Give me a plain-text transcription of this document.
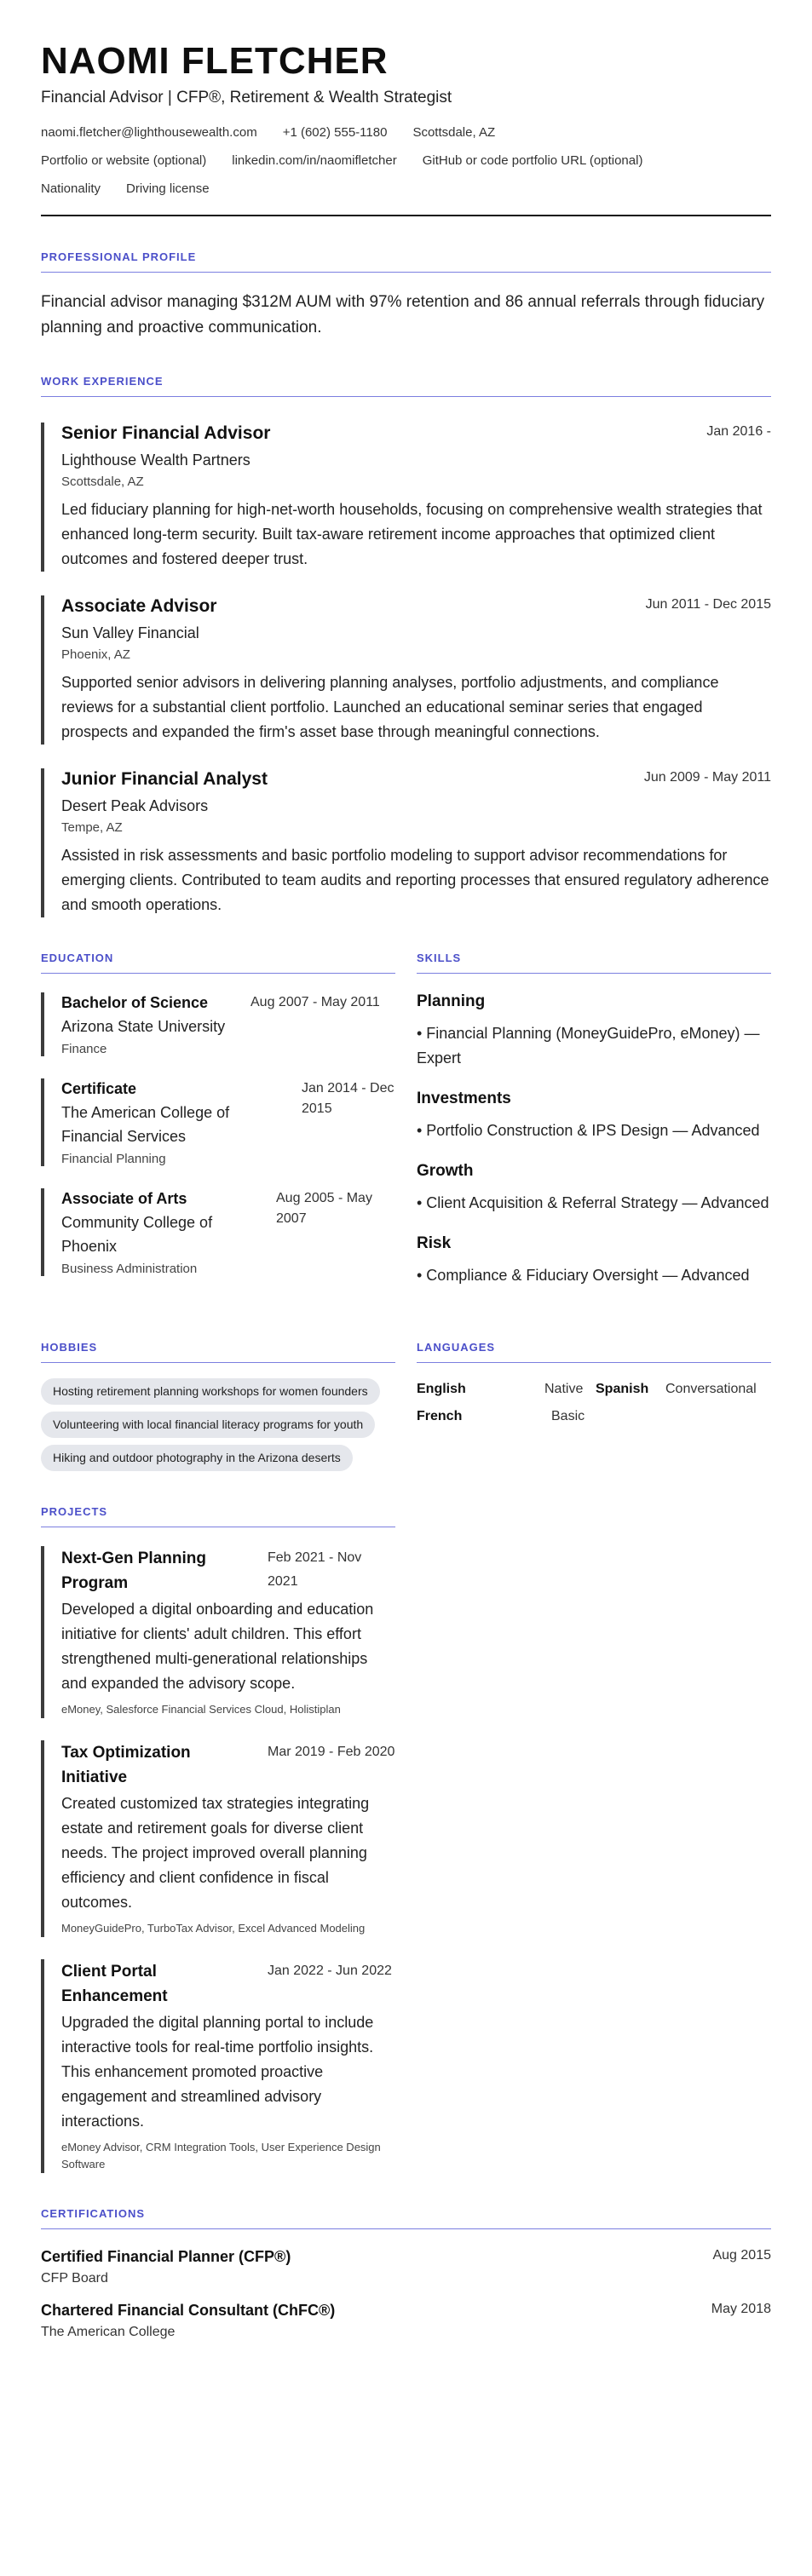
NAOMI FLETCHER
Financial Advisor | CFP®, Retirement & Wealth Strategist
naomi.fletcher@lighthousewealth.com +1 (602) 555-1180 Scottsdale, AZ
Portfolio or website (optional) linkedin.com/in/naomifletcher GitHub or code portfolio URL (optional)
Nationality Driving license
PROFESSIONAL PROFILE
Financial advisor managing $312M AUM with 97% retention and 86 annual referrals through fiduciary planning and proactive communication.
WORK EXPERIENCE
Senior Financial Advisor	Jan 2016 -
Lighthouse Wealth Partners
Scottsdale, AZ
Led fiduciary planning for high-net-worth households, focusing on comprehensive wealth strategies that enhanced long-term security. Built tax-aware retirement income approaches that optimized client outcomes and fostered deeper trust.
Associate Advisor	Jun 2011 - Dec 2015
Sun Valley Financial
Phoenix, AZ
Supported senior advisors in delivering planning analyses, portfolio adjustments, and compliance reviews for a substantial client portfolio. Launched an educational seminar series that engaged prospects and expanded the firm's asset base through meaningful connections.
Junior Financial Analyst	Jun 2009 - May 2011
Desert Peak Advisors
Tempe, AZ
Assisted in risk assessments and basic portfolio modeling to support advisor recommendations for emerging clients. Contributed to team audits and reporting processes that ensured regulatory adherence and smooth operations.
EDUCATION
Bachelor of Science
Arizona State University
Finance
Aug 2007 - May 2011
Certificate
The American College of Financial Services
Financial Planning
Jan 2014 - Dec 2015
Associate of Arts
Community College of Phoenix
Business Administration
Aug 2005 - May 2007
SKILLS
Planning
• Financial Planning (MoneyGuidePro, eMoney) — Expert
Investments
• Portfolio Construction & IPS Design — Advanced
Growth
• Client Acquisition & Referral Strategy — Advanced
Risk
• Compliance & Fiduciary Oversight — Advanced
HOBBIES
Hosting retirement planning workshops for women founders Volunteering with local financial literacy programs for youth Hiking and outdoor photography in the Arizona deserts
LANGUAGES
English	Native Spanish	Conversational
French	Basic
PROJECTS
Next-Gen Planning Program
Feb 2021 - Nov 2021
Developed a digital onboarding and education initiative for clients' adult children. This effort strengthened multi-generational relationships and expanded the advisory scope.
eMoney, Salesforce Financial Services Cloud, Holistiplan
Tax Optimization Initiative
Mar 2019 - Feb 2020
Created customized tax strategies integrating estate and retirement goals for diverse client needs. The project improved overall planning efficiency and client confidence in fiscal outcomes.
MoneyGuidePro, TurboTax Advisor, Excel Advanced Modeling
Client Portal Enhancement
Jan 2022 - Jun 2022
Upgraded the digital planning portal to include interactive tools for real-time portfolio insights. This enhancement promoted proactive engagement and streamlined advisory interactions.
eMoney Advisor, CRM Integration Tools, User Experience Design Software
CERTIFICATIONS
Certified Financial Planner (CFP®)
CFP Board
Aug 2015
Chartered Financial Consultant (ChFC®)
The American College
May 2018
